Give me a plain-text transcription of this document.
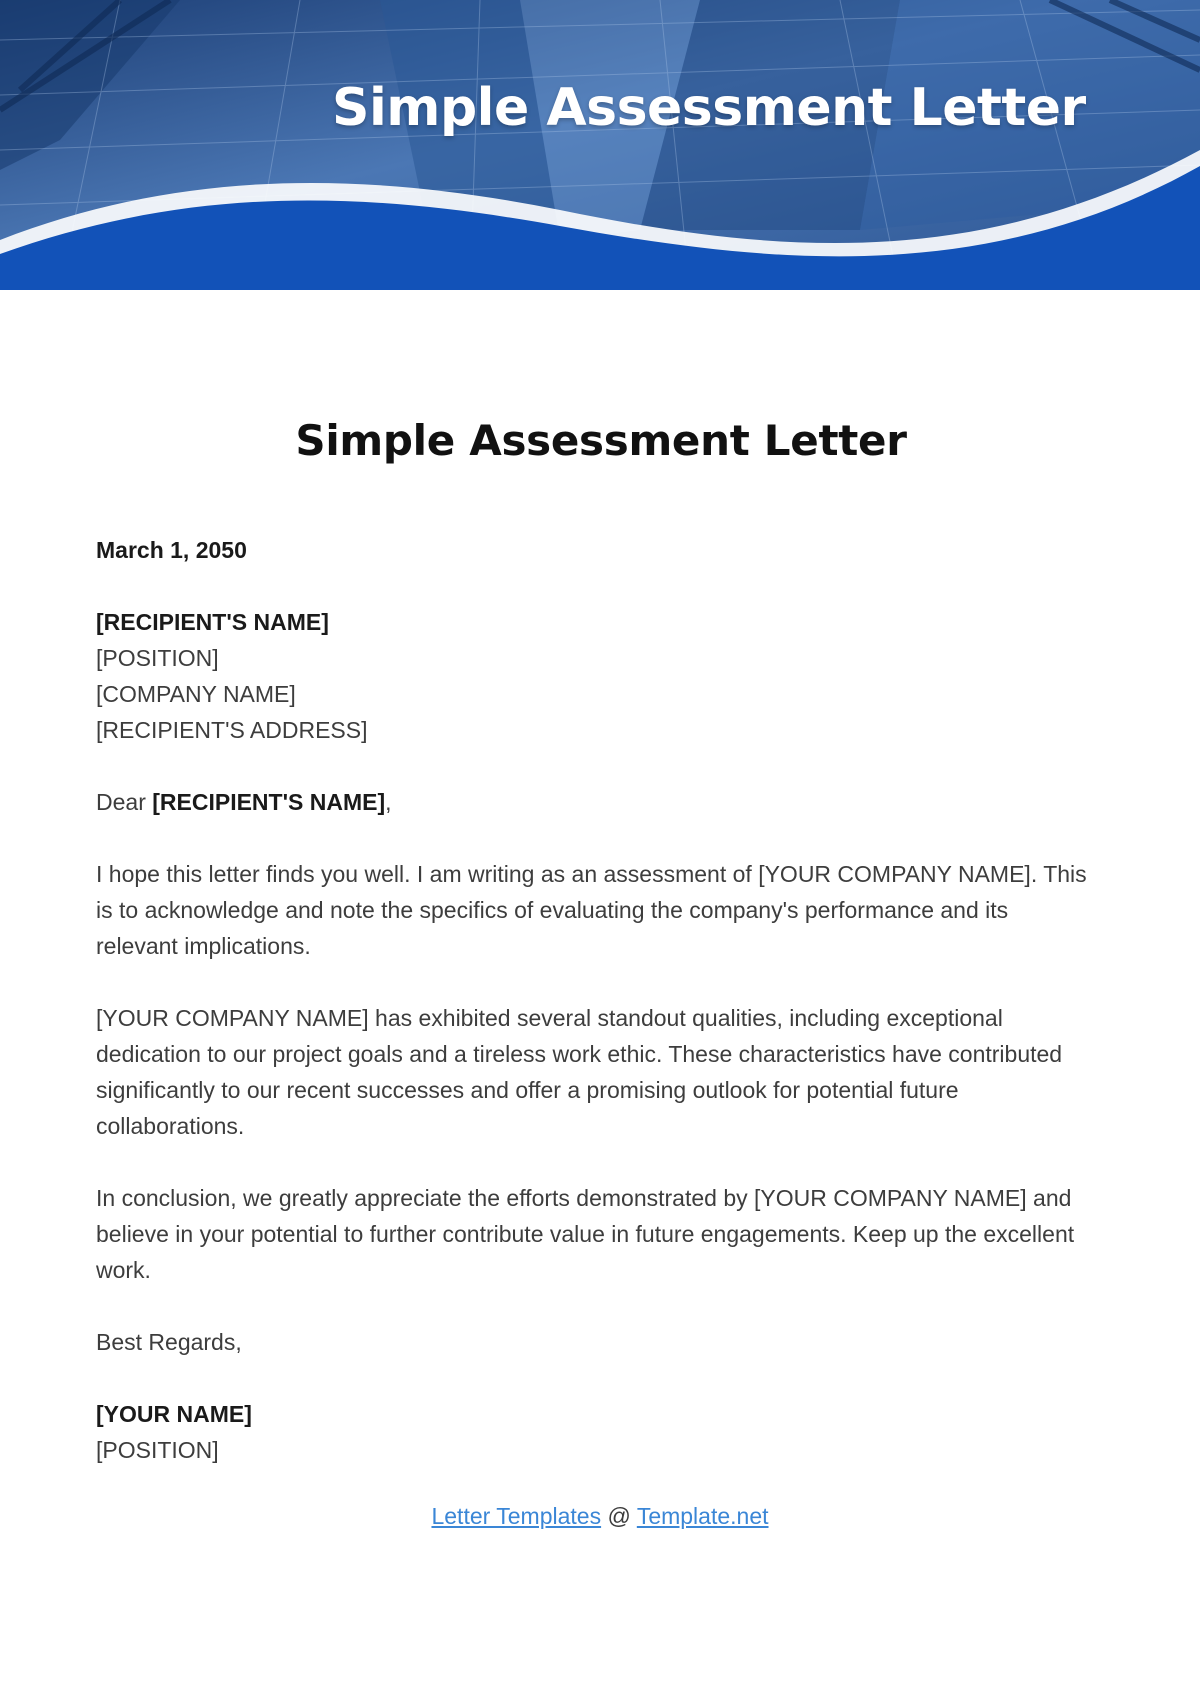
Simple Assessment Letter
Simple Assessment Letter
March 1, 2050
[RECIPIENT'S NAME]
[POSITION]
[COMPANY NAME]
[RECIPIENT'S ADDRESS]
Dear [RECIPIENT'S NAME],

I hope this letter finds you well. I am writing as an assessment of [YOUR COMPANY NAME]. This is to acknowledge and note the specifics of evaluating the company's performance and its relevant implications.

[YOUR COMPANY NAME] has exhibited several standout qualities, including exceptional dedication to our project goals and a tireless work ethic. These characteristics have contributed significantly to our recent successes and offer a promising outlook for potential future collaborations.

In conclusion, we greatly appreciate the efforts demonstrated by [YOUR COMPANY NAME] and believe in your potential to further contribute value in future engagements. Keep up the excellent work.

Best Regards,
[YOUR NAME]
[POSITION]
Letter Templates @ Template.net
